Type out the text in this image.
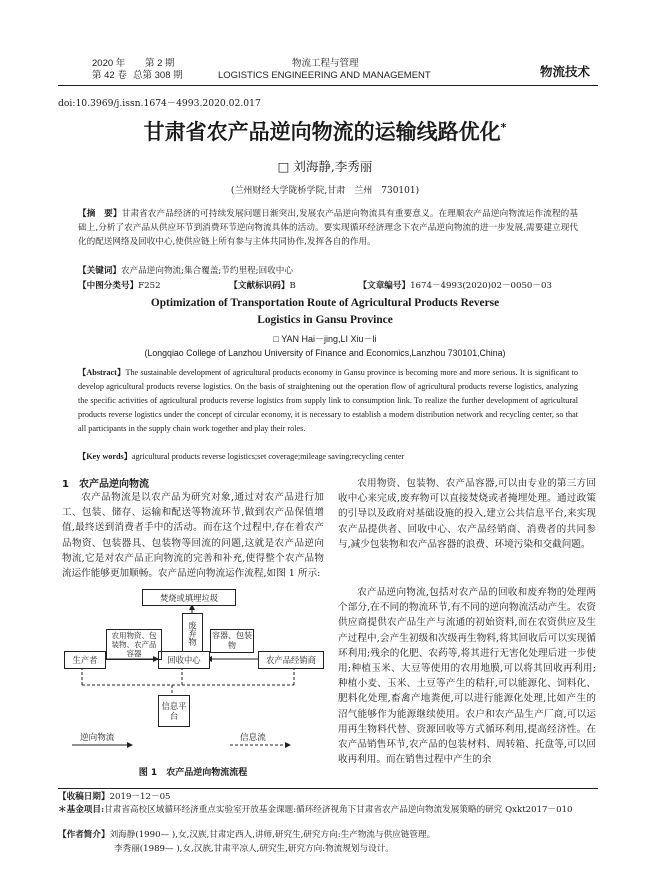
2020 年 第 2 期
第 42 卷 总第 308 期
物流工程与管理
LOGISTICS ENGINEERING AND MANAGEMENT	物流技术
doi:10.3969/j.issn.1674－4993.2020.02.017
甘肃省农产品逆向物流的运输线路优化*
□ 刘海静,李秀丽
(兰州财经大学陇桥学院,甘肃　兰州　730101)
【摘　要】甘肃省农产品经济的可持续发展问题日渐突出,发展农产品逆向物流具有重要意义。在理顺农产品逆向物流运作流程的基础上,分析了农产品从供应环节到消费环节逆向物流具体的活动。要实现循环经济理念下农产品逆向物流的进一步发展,需要建立现代化的配送网络及回收中心,使供应链上所有参与主体共同协作,发挥各自的作用。
【关键词】农产品逆向物流;集合覆盖;节约里程;回收中心
【中图分类号】F252	【文献标识码】B	【文章编号】1674－4993(2020)02－0050－03
Optimization of Transportation Route of Agricultural Products Reverse
Logistics in Gansu Province
□ YAN Hai－jing,LI Xiu－li
(Longqiao College of Lanzhou University of Finance and Economics,Lanzhou 730101,China)
【Abstract】The sustainable development of agricultural products economy in Gansu province is becoming more and more serious. It is significant to develop agricultural products reverse logistics. On the basis of straightening out the operation flow of agricultural products reverse logistics, analyzing the specific activities of agricultural products reverse logistics from supply link to consumption link. To realize the further development of agricultural products reverse logistics under the concept of circular economy, it is necessary to establish a modern distribution network and recycling center, so that all participants in the supply chain work together and play their roles.
【Key words】agricultural products reverse logistics;set coverage;mileage saving;recycling center
1　农产品逆向物流
农产品物流是以农产品为研究对象,通过对农产品进行加工、包装、储存、运输和配送等物流环节,做到农产品保值增值,最终送到消费者手中的活动。而在这个过程中,存在着农产品物资、包装器具、包装物等回流的问题,这就是农产品逆向物流,它是对农产品正向物流的完善和补充,使得整个农产品物流运作能够更加顺畅。农产品逆向物流运作流程,如图 1 所示:
焚烧或填埋垃圾
废弃物
生产者	回收中心	农产品经销商
农用物资、包装物、农产品容器
容器、包装物
信息平台
逆向物流	信息流
图 1　农产品逆向物流流程
农用物资、包装物、农产品容器,可以由专业的第三方回收中心来完成,废弃物可以直接焚烧或者掩埋处理。通过政策的引导以及政府对基础设施的投入,建立公共信息平台,来实现农产品提供者、回收中心、农产品经销商、消费者的共同参与,减少包装物和农产品容器的浪费、环境污染和交截问题。
农产品逆向物流,包括对农产品的回收和废弃物的处理两个部分,在不同的物流环节,有不同的逆向物流活动产生。农资供应商提供农产品生产与流通的初始资料,而在农资供应及生产过程中,会产生初级和次级再生物料,将其回收后可以实现循环利用;残余的化肥、农药等,将其进行无害化处理后进一步使用;种植玉米、大豆等使用的农用地膜,可以将其回收再利用;种植小麦、玉米、土豆等产生的秸秆,可以能源化、饲料化、肥料化处理,畜禽产地粪便,可以进行能源化处理,比如产生的沼气能够作为能源继续使用。农户和农产品生产厂商,可以运用再生物料代替、资源回收等方式循环利用,提高经济性。在农产品销售环节,农产品的包装材料、周转箱、托盘等,可以回收再利用。而在销售过程中产生的余
【收稿日期】2019－12－05
＊基金项目:甘肃省高校区域循环经济重点实验室开放基金课题:循环经济视角下甘肃省农产品逆向物流发展策略的研究 Qxkt2017－010
【作者简介】刘海静(1990— ),女,汉族,甘肃定西人,讲师,研究生,研究方向:生产物流与供应链管理。
李秀丽(1989— ),女,汉族,甘肃平凉人,研究生,研究方向:物流规划与设计。
